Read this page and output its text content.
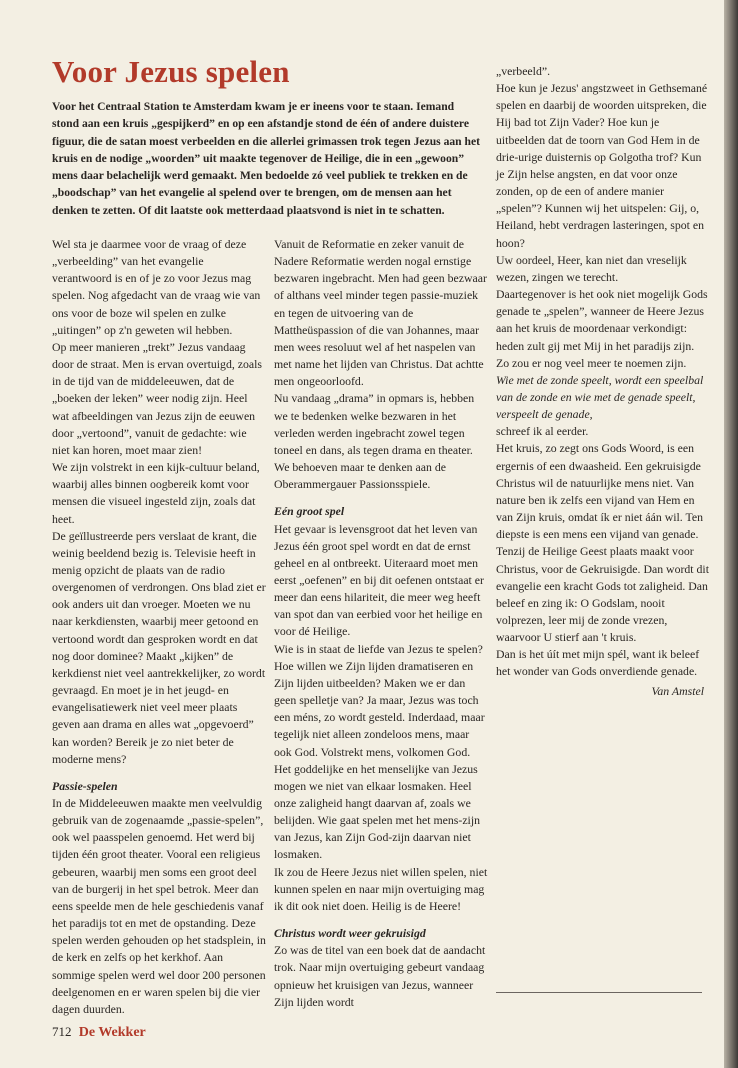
Voor Jezus spelen

Voor het Centraal Station te Amsterdam kwam je er ineens voor te staan. Iemand stond aan een kruis „gespijkerd” en op een afstandje stond de één of andere duistere figuur, die de satan moest verbeelden en die allerlei grimassen trok tegen Jezus aan het kruis en de nodige „woorden” uit maakte tegenover de Heilige, die in een „gewoon” mens daar belachelijk werd gemaakt. Men bedoelde zó veel publiek te trekken en de „boodschap” van het evangelie al spelend over te brengen, om de mensen aan het denken te zetten. Of dit laatste ook metterdaad plaatsvond is niet in te schatten.

Wel sta je daarmee voor de vraag of deze „verbeelding” van het evangelie verantwoord is en of je zo voor Jezus mag spelen. Nog afgedacht van de vraag wie van ons voor de boze wil spelen en zulke „uitingen” op z'n geweten wil hebben.

Op meer manieren „trekt” Jezus vandaag door de straat. Men is ervan overtuigd, zoals in de tijd van de middeleeuwen, dat de „boeken der leken” weer nodig zijn. Heel wat afbeeldingen van Jezus zijn de eeuwen door „vertoond”, vanuit de gedachte: wie niet kan horen, moet maar zien!

We zijn volstrekt in een kijk-cultuur beland, waarbij alles binnen oogbereik komt voor mensen die visueel ingesteld zijn, zoals dat heet.

De geïllustreerde pers verslaat de krant, die weinig beeldend bezig is. Televisie heeft in menig opzicht de plaats van de radio overgenomen of verdrongen. Ons blad ziet er ook anders uit dan vroeger. Moeten we nu naar kerkdiensten, waarbij meer getoond en vertoond wordt dan gesproken wordt en dat nog door dominee? Maakt „kijken” de kerkdienst niet veel aantrekkelijker, zo wordt gevraagd. En moet je in het jeugd- en evangelisatiewerk niet veel meer plaats geven aan drama en alles wat „opgevoerd” kan worden? Bereik je zo niet beter de moderne mens?

Passie-spelen

In de Middeleeuwen maakte men veelvuldig gebruik van de zogenaamde „passie-spelen”, ook wel paasspelen genoemd. Het werd bij tijden één groot theater. Vooral een religieus gebeuren, waarbij men soms een groot deel van de burgerij in het spel betrok. Meer dan eens speelde men de hele geschiedenis vanaf het paradijs tot en met de opstanding. Deze spelen werden gehouden op het stadsplein, in de kerk en zelfs op het kerkhof. Aan sommige spelen werd wel door 200 personen deelgenomen en er waren spelen bij die vier dagen duurden.

Vanuit de Reformatie en zeker vanuit de Nadere Reformatie werden nogal ernstige bezwaren ingebracht. Men had geen bezwaar of althans veel minder tegen passie-muziek en tegen de uitvoering van de Mattheüspassion of die van Johannes, maar men wees resoluut wel af het naspelen van met name het lijden van Christus. Dat achtte men ongeoorloofd.

Nu vandaag „drama” in opmars is, hebben we te bedenken welke bezwaren in het verleden werden ingebracht zowel tegen toneel en dans, als tegen drama en theater. We behoeven maar te denken aan de Oberammergauer Passionsspiele.

Eén groot spel

Het gevaar is levensgroot dat het leven van Jezus één groot spel wordt en dat de ernst geheel en al ontbreekt. Uiteraard moet men eerst „oefenen” en bij dit oefenen ontstaat er meer dan eens hilariteit, die meer weg heeft van spot dan van eerbied voor het heilige en voor dé Heilige.

Wie is in staat de liefde van Jezus te spelen? Hoe willen we Zijn lijden dramatiseren en Zijn lijden uitbeelden? Maken we er dan geen spelletje van? Ja maar, Jezus was toch een méns, zo wordt gesteld. Inderdaad, maar tegelijk niet alleen zondeloos mens, maar ook God. Volstrekt mens, volkomen God. Het goddelijke en het menselijke van Jezus mogen we niet van elkaar losmaken. Heel onze zaligheid hangt daarvan af, zoals we belijden. Wie gaat spelen met het mens-zijn van Jezus, kan Zijn God-zijn daarvan niet losmaken.

Ik zou de Heere Jezus niet willen spelen, niet kunnen spelen en naar mijn overtuiging mag ik dit ook niet doen. Heilig is de Heere!

Christus wordt weer gekruisigd

Zo was de titel van een boek dat de aandacht trok. Naar mijn overtuiging gebeurt vandaag opnieuw het kruisigen van Jezus, wanneer Zijn lijden wordt

„verbeeld”.

Hoe kun je Jezus' angstzweet in Gethsemané spelen en daarbij de woorden uitspreken, die Hij bad tot Zijn Vader? Hoe kun je uitbeelden dat de toorn van God Hem in de drie-urige duisternis op Golgotha trof? Kun je Zijn helse angsten, en dat voor onze zonden, op de een of andere manier „spelen”? Kunnen wij het uitspelen: Gij, o, Heiland, hebt verdragen lasteringen, spot en hoon?

Uw oordeel, Heer, kan niet dan vreselijk wezen, zingen we terecht.

Daartegenover is het ook niet mogelijk Gods genade te „spelen”, wanneer de Heere Jezus aan het kruis de moordenaar verkondigt: heden zult gij met Mij in het paradijs zijn.

Zo zou er nog veel meer te noemen zijn.

Wie met de zonde speelt, wordt een speelbal van de zonde en wie met de genade speelt, verspeelt de genade,

schreef ik al eerder.

Het kruis, zo zegt ons Gods Woord, is een ergernis of een dwaasheid. Een gekruisigde Christus wil de natuurlijke mens niet. Van nature ben ik zelfs een vijand van Hem en van Zijn kruis, omdat ík er niet áán wil. Ten diepste is een mens een vijand van genade.

Tenzij de Heilige Geest plaats maakt voor Christus, voor de Gekruisigde. Dan wordt dit evangelie een kracht Gods tot zaligheid. Dan beleef en zing ik: O Godslam, nooit volprezen, leer mij de zonde vrezen, waarvoor U stierf aan 't kruis.

Dan is het úít met mijn spél, want ik beleef het wonder van Gods onverdiende genade.

Van Amstel

712 De Wekker
